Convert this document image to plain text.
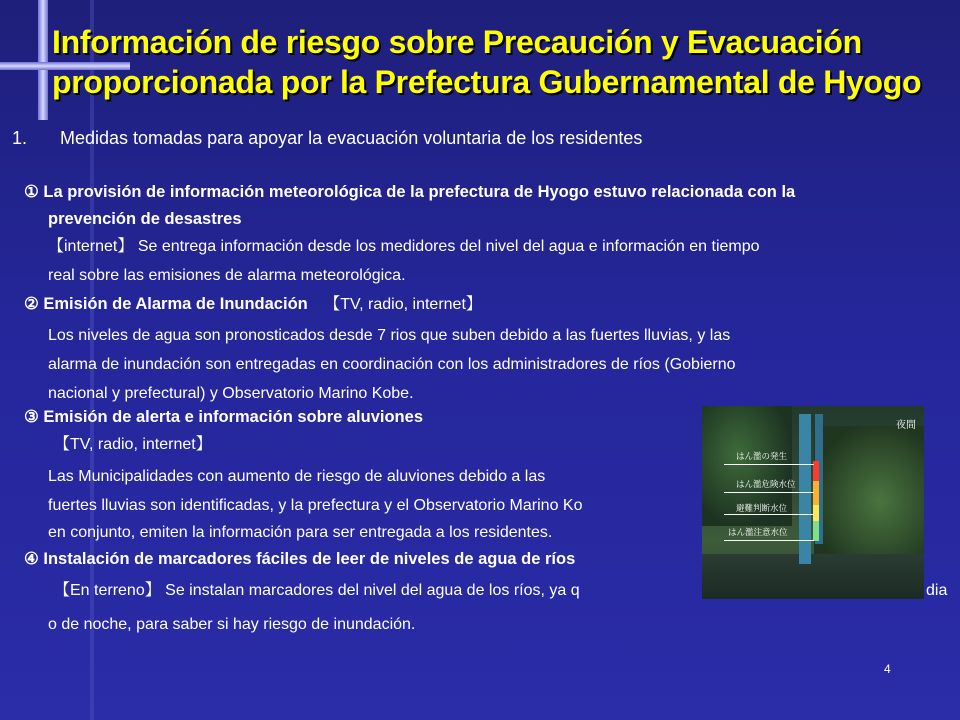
Información de riesgo sobre Precaución y Evacuación
proporcionada por la Prefectura Gubernamental de Hyogo
1. Medidas tomadas para apoyar la evacuación voluntaria de los residentes
① La provisión de información meteorológica de la prefectura de Hyogo estuvo relacionada con la
prevención de desastres
【internet】 Se entrega información desde los medidores del nivel del agua e información en tiempo
real sobre las emisiones de alarma meteorológica.
② Emisión de Alarma de Inundación 【TV, radio, internet】
Los niveles de agua son pronosticados desde 7 rios que suben debido a las fuertes lluvias, y las
alarma de inundación son entregadas en coordinación con los administradores de ríos (Gobierno
nacional y prefectural) y Observatorio Marino Kobe.
③ Emisión de alerta e información sobre aluviones
【TV, radio, internet】
Las Municipalidades con aumento de riesgo de aluviones debido a las
fuertes lluvias son identificadas, y la prefectura y el Observatorio Marino Ko
en conjunto, emiten la información para ser entregada a los residentes.
④ Instalación de marcadores fáciles de leer de niveles de agua de ríos
【En terreno】 Se instalan marcadores del nivel del agua de los ríos, ya q	dia
o de noche, para saber si hay riesgo de inundación.
夜間
はん濫の発生
はん濫危険水位
避難判断水位
はん濫注意水位
4
